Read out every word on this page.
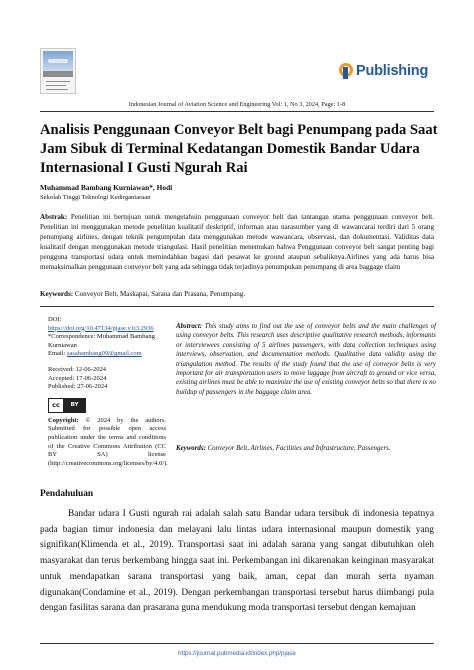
Publishing
Indonesian Journal of Aviation Science and Engineering Vol: 1, No 3, 2024, Page: 1-8
Analisis Penggunaan Conveyor Belt bagi Penumpang pada Saat Jam Sibuk di Terminal Kedatangan Domestik Bandar Udara Internasional I Gusti Ngurah Rai
Muhammad Bambang Kurniawan*, Hodi
Sekolah Tinggi Teknologi Kedirgantaraan

Abstrak: Penelitian ini bertujuan untuk mengetahuin penggunaan conveyor belt dan tantangan utama penggunaan conveyor belt. Penelitian ini menggunakan metode penelitian kualitatif deskriptif, informan atau narasumber yang di wawancarai terdiri dari 5 orang penumpang airlines, dengan teknik pengumpulan data menggunakan metode wawancara, observasi, dan dokumentasi. Validitas data kualitatif dengan menggunakan metode triangulasi. Hasil penelitian menemukan bahwa Penggunaan conveyor belt sangat penting bagi pengguna transportasi udara untuk memindahkan bagasi dari pesawat ke ground ataupun sebaliknya.Airlines yang ada harus bisa memaksimalkan penggunaan conveyor belt yang ada sehingga tidak terjadinya penumpukan penumpang di area baggage claim

Keywords: Conveyor Belt, Maskapai, Sarana dan Prasana, Penumpang.

DOI:
https://doi.org/10.47134/pjase.v1i3.2936
*Correspondence: Muhammad Bambang Kurniawan
Email: sasabambang09@gmail.com
Received: 12-06-2024
Accepted: 17-06-2024
Published: 27-06-2024
cc	BY

Copyright: © 2024 by the authors. Submitted for possible open access publication under the terms and conditions of the Creative Commons Attribution (CC BY SA) license (http://creativecommons.org/licenses/by/4.0/).

Abstract: This study aims to find out the use of conveyor belts and the main challenges of using conveyor belts. This research uses descriptive qualitative research methods, informants or interviewees consisting of 5 airlines passengers, with data collection techniques using interviews, observation, and documentation methods. Qualitative data validity using the triangulation method. The results of the study found that the use of conveyor belts is very important for air transportation users to move luggage from aircraft to ground or vice versa, existing airlines must be able to maximize the use of existing conveyor belts so that there is no buildup of passengers in the baggage claim area.

Keywords: Conveyor Belt, Airlines, Facilities and Infrastructure, Passengers.

Pendahuluan

Bandar udara I Gusti ngurah rai adalah salah satu Bandar udara tersibuk di indonesia tepatnya pada bagian timur indonesia dan melayani lalu lintas udara internasional maupun domestik yang signifikan(Klimenda et al., 2019). Transportasi saat ini adalah sarana yang sangat dibutuhkan oleh masyarakat dan terus berkembang hingga saat ini. Perkembangan ini dikarenakan keinginan masyarakat untuk mendapatkan sarana transportasi yang baik, aman, cepat dan murah serta nyaman digunakan(Condamine et al., 2019). Dengan perkembangan transportasi tersebut harus diimbangi pula dengan fasilitas sarana dan prasarana guna mendukung moda transportasi tersebut dengan kemajuan

https://journal.pubmedia.id/index.php/pjase
